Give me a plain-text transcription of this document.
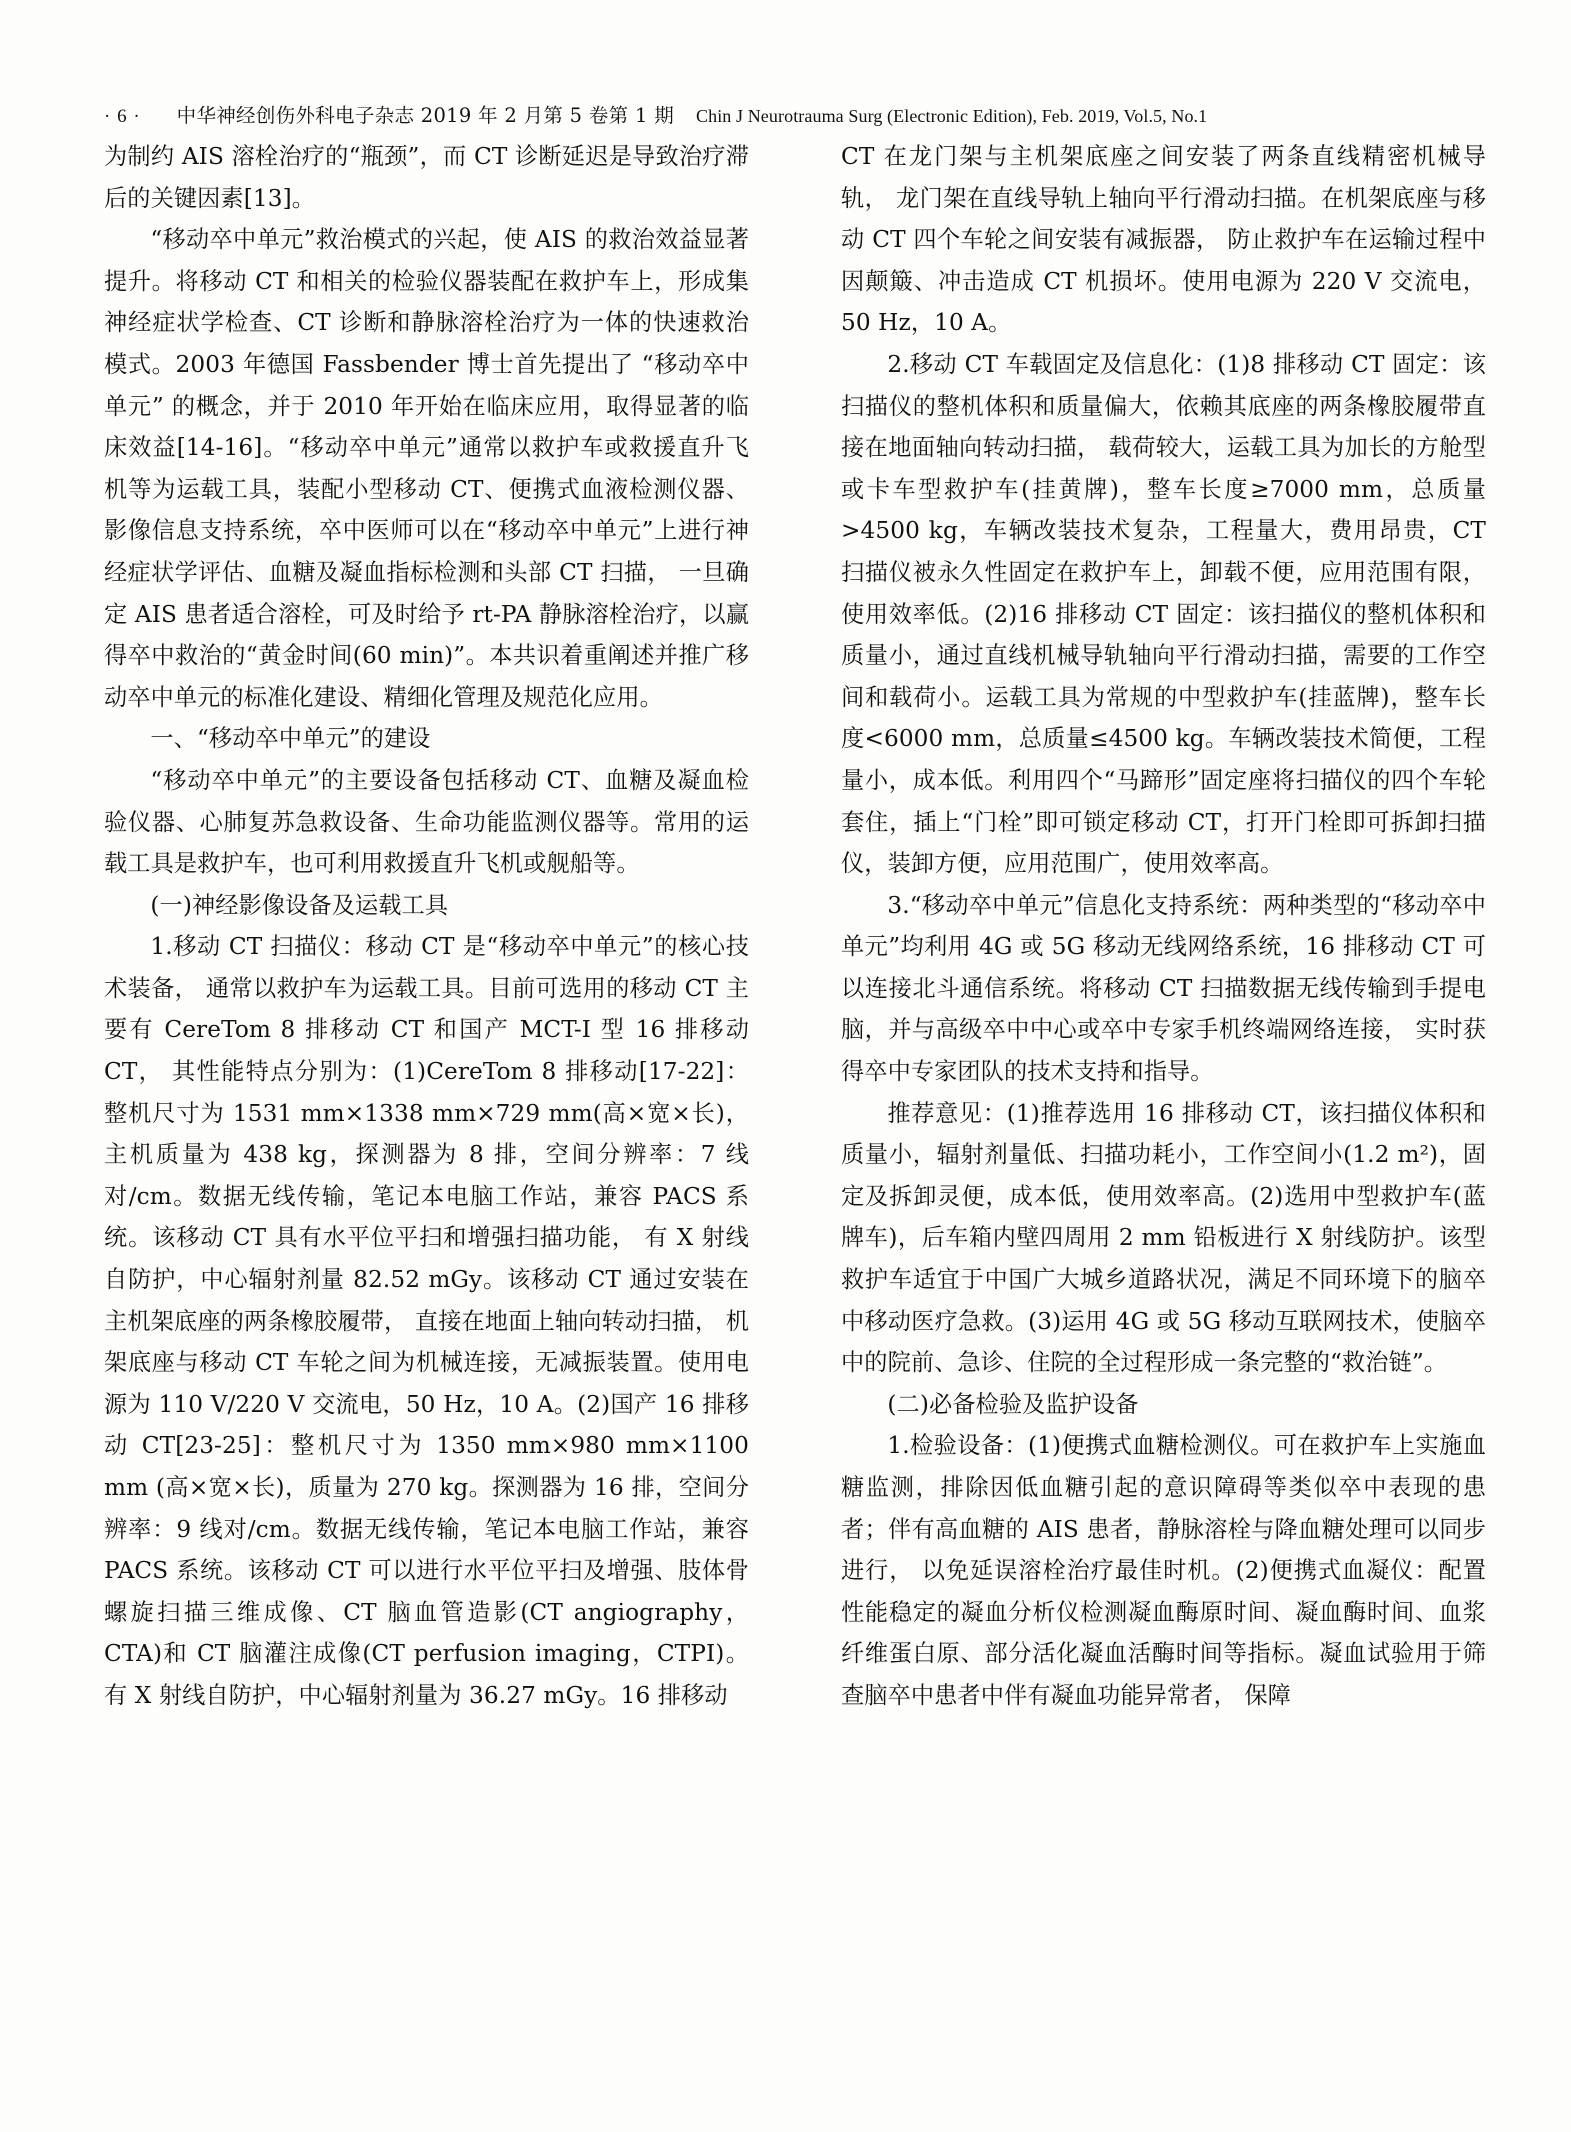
· 6 · 中华神经创伤外科电子杂志 2019 年 2 月第 5 卷第 1 期 Chin J Neurotrauma Surg (Electronic Edition), Feb. 2019, Vol.5, No.1

为制约 AIS 溶栓治疗的“瓶颈”，而 CT 诊断延迟是导致治疗滞后的关键因素[13]。

“移动卒中单元”救治模式的兴起，使 AIS 的救治效益显著提升。将移动 CT 和相关的检验仪器装配在救护车上，形成集神经症状学检查、CT 诊断和静脉溶栓治疗为一体的快速救治模式。2003 年德国 Fassbender 博士首先提出了 “移动卒中单元” 的概念，并于 2010 年开始在临床应用，取得显著的临床效益[14-16]。“移动卒中单元”通常以救护车或救援直升飞机等为运载工具，装配小型移动 CT、便携式血液检测仪器、影像信息支持系统，卒中医师可以在“移动卒中单元”上进行神经症状学评估、血糖及凝血指标检测和头部 CT 扫描， 一旦确定 AIS 患者适合溶栓，可及时给予 rt-PA 静脉溶栓治疗，以赢得卒中救治的“黄金时间(60 min)”。本共识着重阐述并推广移动卒中单元的标准化建设、精细化管理及规范化应用。

一、“移动卒中单元”的建设

“移动卒中单元”的主要设备包括移动 CT、血糖及凝血检验仪器、心肺复苏急救设备、生命功能监测仪器等。常用的运载工具是救护车，也可利用救援直升飞机或舰船等。

(一)神经影像设备及运载工具

1.移动 CT 扫描仪：移动 CT 是“移动卒中单元”的核心技术装备， 通常以救护车为运载工具。目前可选用的移动 CT 主要有 CereTom 8 排移动 CT 和国产 MCT-I 型 16 排移动 CT， 其性能特点分别为：(1)CereTom 8 排移动[17-22]：整机尺寸为 1531 mm×1338 mm×729 mm(高×宽×长)，主机质量为 438 kg，探测器为 8 排，空间分辨率：7 线对/cm。数据无线传输，笔记本电脑工作站，兼容 PACS 系统。该移动 CT 具有水平位平扫和增强扫描功能， 有 X 射线自防护，中心辐射剂量 82.52 mGy。该移动 CT 通过安装在主机架底座的两条橡胶履带， 直接在地面上轴向转动扫描， 机架底座与移动 CT 车轮之间为机械连接，无减振装置。使用电源为 110 V/220 V 交流电，50 Hz，10 A。(2)国产 16 排移动 CT[23-25]：整机尺寸为 1350 mm×980 mm×1100 mm (高×宽×长)，质量为 270 kg。探测器为 16 排，空间分辨率：9 线对/cm。数据无线传输，笔记本电脑工作站，兼容 PACS 系统。该移动 CT 可以进行水平位平扫及增强、肢体骨螺旋扫描三维成像、CT 脑血管造影(CT angiography，CTA)和 CT 脑灌注成像(CT perfusion imaging，CTPI)。有 X 射线自防护，中心辐射剂量为 36.27 mGy。16 排移动

CT 在龙门架与主机架底座之间安装了两条直线精密机械导轨， 龙门架在直线导轨上轴向平行滑动扫描。在机架底座与移动 CT 四个车轮之间安装有减振器， 防止救护车在运输过程中因颠簸、冲击造成 CT 机损坏。使用电源为 220 V 交流电，50 Hz，10 A。

2.移动 CT 车载固定及信息化：(1)8 排移动 CT 固定：该扫描仪的整机体积和质量偏大，依赖其底座的两条橡胶履带直接在地面轴向转动扫描， 载荷较大，运载工具为加长的方舱型或卡车型救护车(挂黄牌)，整车长度≥7000 mm，总质量>4500 kg，车辆改装技术复杂，工程量大，费用昂贵，CT 扫描仪被永久性固定在救护车上，卸载不便，应用范围有限，使用效率低。(2)16 排移动 CT 固定：该扫描仪的整机体积和质量小，通过直线机械导轨轴向平行滑动扫描，需要的工作空间和载荷小。运载工具为常规的中型救护车(挂蓝牌)，整车长度<6000 mm，总质量≤4500 kg。车辆改装技术简便，工程量小，成本低。利用四个“马蹄形”固定座将扫描仪的四个车轮套住，插上“门栓”即可锁定移动 CT，打开门栓即可拆卸扫描仪，装卸方便，应用范围广，使用效率高。

3.“移动卒中单元”信息化支持系统：两种类型的“移动卒中单元”均利用 4G 或 5G 移动无线网络系统，16 排移动 CT 可以连接北斗通信系统。将移动 CT 扫描数据无线传输到手提电脑，并与高级卒中中心或卒中专家手机终端网络连接， 实时获得卒中专家团队的技术支持和指导。

推荐意见：(1)推荐选用 16 排移动 CT，该扫描仪体积和质量小，辐射剂量低、扫描功耗小，工作空间小(1.2 m²)，固定及拆卸灵便，成本低，使用效率高。(2)选用中型救护车(蓝牌车)，后车箱内壁四周用 2 mm 铅板进行 X 射线防护。该型救护车适宜于中国广大城乡道路状况，满足不同环境下的脑卒中移动医疗急救。(3)运用 4G 或 5G 移动互联网技术，使脑卒中的院前、急诊、住院的全过程形成一条完整的“救治链”。

(二)必备检验及监护设备

1.检验设备：(1)便携式血糖检测仪。可在救护车上实施血糖监测，排除因低血糖引起的意识障碍等类似卒中表现的患者；伴有高血糖的 AIS 患者，静脉溶栓与降血糖处理可以同步进行， 以免延误溶栓治疗最佳时机。(2)便携式血凝仪：配置性能稳定的凝血分析仪检测凝血酶原时间、凝血酶时间、血浆纤维蛋白原、部分活化凝血活酶时间等指标。凝血试验用于筛查脑卒中患者中伴有凝血功能异常者， 保障
